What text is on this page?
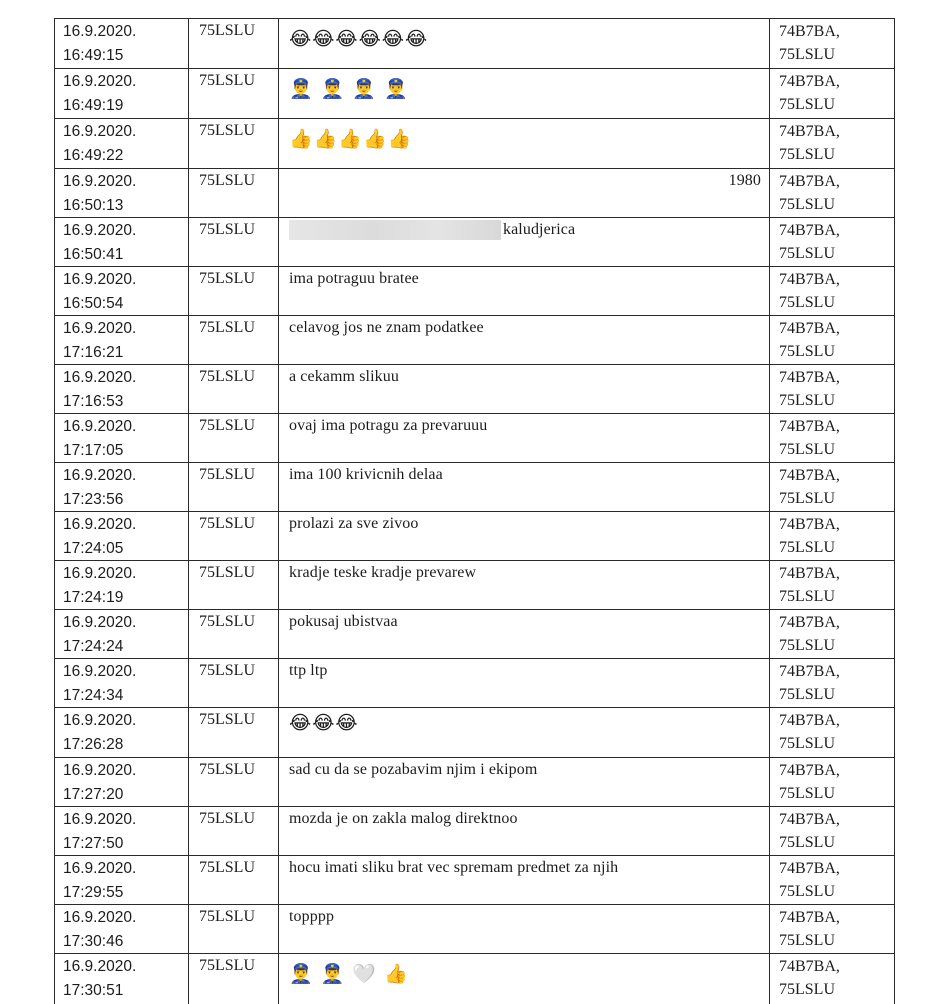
16.9.2020.
16:49:15	75LSLU	😂😂😂😂😂😂	74B7BA,
75LSLU
16.9.2020.
16:49:19	75LSLU	👮‍♂️ 👮‍♂️ 👮‍♂️ 👮‍♂️	74B7BA,
75LSLU
16.9.2020.
16:49:22	75LSLU	👍👍👍👍👍	74B7BA,
75LSLU
16.9.2020.
16:50:13	75LSLU	1980	74B7BA,
75LSLU
16.9.2020.
16:50:41	75LSLU	kaludjerica	74B7BA,
75LSLU
16.9.2020.
16:50:54	75LSLU	ima potraguu bratee	74B7BA,
75LSLU
16.9.2020.
17:16:21	75LSLU	celavog jos ne znam podatkee	74B7BA,
75LSLU
16.9.2020.
17:16:53	75LSLU	a cekamm slikuu	74B7BA,
75LSLU
16.9.2020.
17:17:05	75LSLU	ovaj ima potragu za prevaruuu	74B7BA,
75LSLU
16.9.2020.
17:23:56	75LSLU	ima 100 krivicnih delaa	74B7BA,
75LSLU
16.9.2020.
17:24:05	75LSLU	prolazi za sve zivoo	74B7BA,
75LSLU
16.9.2020.
17:24:19	75LSLU	kradje teske kradje prevarew	74B7BA,
75LSLU
16.9.2020.
17:24:24	75LSLU	pokusaj ubistvaa	74B7BA,
75LSLU
16.9.2020.
17:24:34	75LSLU	ttp ltp	74B7BA,
75LSLU
16.9.2020.
17:26:28	75LSLU	😂😂😂	74B7BA,
75LSLU
16.9.2020.
17:27:20	75LSLU	sad cu da se pozabavim njim i ekipom	74B7BA,
75LSLU
16.9.2020.
17:27:50	75LSLU	mozda je on zakla malog direktnoo	74B7BA,
75LSLU
16.9.2020.
17:29:55	75LSLU	hocu imati sliku brat vec spremam predmet za njih	74B7BA,
75LSLU
16.9.2020.
17:30:46	75LSLU	topppp	74B7BA,
75LSLU
16.9.2020.
17:30:51	75LSLU	👮‍♂️ 👮‍♂️ 🤍 👍	74B7BA,
75LSLU
